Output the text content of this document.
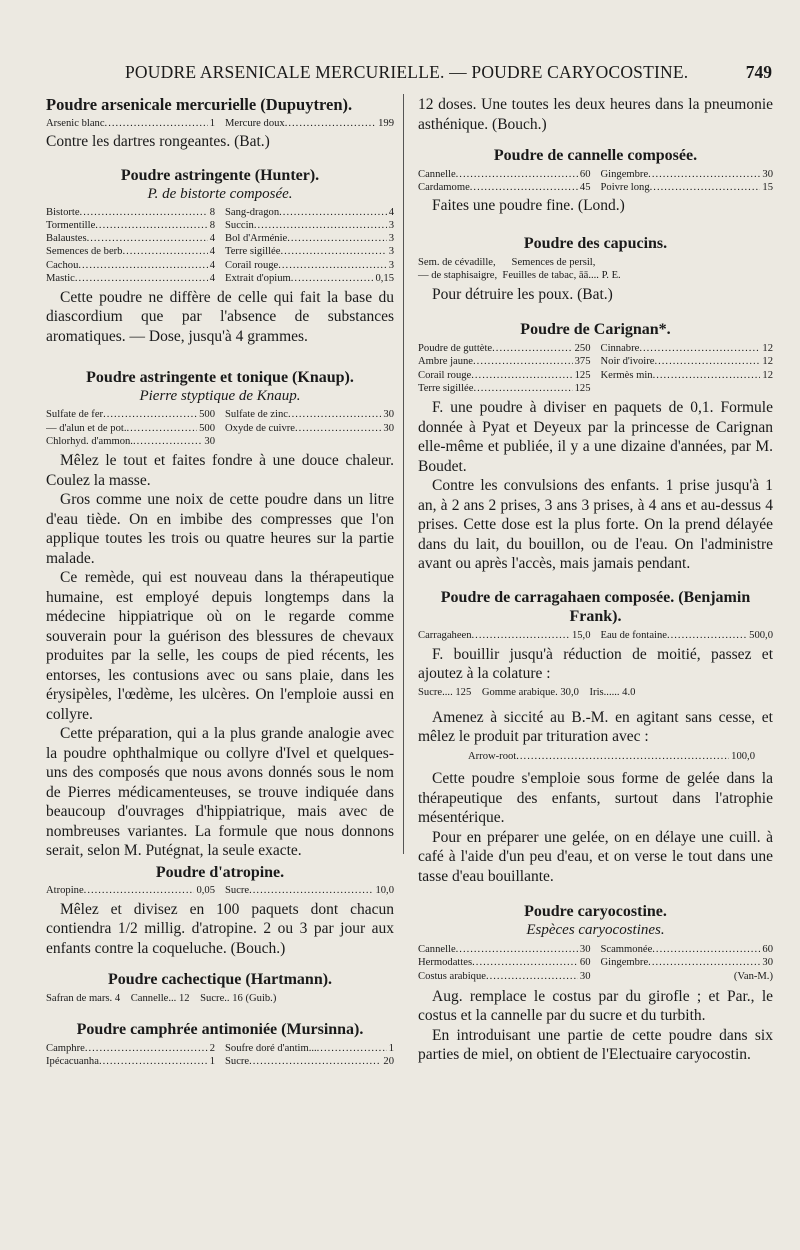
POUDRE ARSENICALE MERCURIELLE. — POUDRE CARYOCOSTINE.	749
Poudre arsenicale mercurielle (Dupuytren).
Arsenic blanc .....	1 Mercure doux .....	199

Contre les dartres rongeantes. (Bat.)

Poudre astringente (Hunter).
P. de bistorte composée.
Bistorte .....	8 Sang-dragon .....	4
Tormentille .....	8 Succin .....	3
Balaustes .....	4 Bol d'Arménie .....	3
Semences de berb .....	4 Terre sigillée .....	3
Cachou .....	4 Corail rouge .....	3
Mastic .....	4 Extrait d'opium .....	0,15

Cette poudre ne diffère de celle qui fait la base du diascordium que par l'absence de substances aromatiques. — Dose, jusqu'à 4 grammes.

Poudre astringente et tonique (Knaup).
Pierre styptique de Knaup.
Sulfate de fer .....	500 Sulfate de zinc .....	30
— d'alun et de pot. .....	500 Oxyde de cuivre .....	30
Chlorhyd. d'ammon. .....	30

Mêlez le tout et faites fondre à une douce chaleur. Coulez la masse.

Gros comme une noix de cette poudre dans un litre d'eau tiède. On en imbibe des compresses que l'on applique toutes les trois ou quatre heures sur la partie malade.

Ce remède, qui est nouveau dans la thérapeutique humaine, est employé depuis longtemps dans la médecine hippiatrique où on le regarde comme souverain pour la guérison des blessures de chevaux produites par la selle, les coups de pied récents, les entorses, les contusions avec ou sans plaie, dans les érysipèles, l'œdème, les ulcères. On l'emploie aussi en collyre.

Cette préparation, qui a la plus grande analogie avec la poudre ophthalmique ou collyre d'Ivel et quelques-uns des composés que nous avons donnés sous le nom de Pierres médicamenteuses, se trouve indiquée dans beaucoup d'ouvrages d'hippiatrique, mais avec de nombreuses variantes. La formule que nous donnons serait, selon M. Putégnat, la seule exacte.

Poudre d'atropine.
Atropine .....	0,05 Sucre .....	10,0

Mêlez et divisez en 100 paquets dont chacun contiendra 1/2 millig. d'atropine. 2 ou 3 par jour aux enfants contre la coqueluche. (Bouch.)

Poudre cachectique (Hartmann).
Safran de mars. 4    Cannelle... 12    Sucre.. 16 (Guib.)
Poudre camphrée antimoniée (Mursinna).
Camphre .....	2 Soufre doré d'antim... .....	1
Ipécacuanha .....	1 Sucre .....	20

12 doses. Une toutes les deux heures dans la pneumonie asthénique. (Bouch.)

Poudre de cannelle composée.
Cannelle .....	60 Gingembre .....	30
Cardamome .....	45 Poivre long .....	15

Faites une poudre fine. (Lond.)

Poudre des capucins.
Sem. de cévadille,      Semences de persil,
— de staphisaigre,  Feuilles de tabac, āā.... P. E.

Pour détruire les poux. (Bat.)

Poudre de Carignan*.
Poudre de guttète .....	250 Cinnabre .....	12
Ambre jaune .....	375 Noir d'ivoire .....	12
Corail rouge .....	125 Kermès min .....	12
Terre sigillée .....	125

F. une poudre à diviser en paquets de 0,1. Formule donnée à Pyat et Deyeux par la princesse de Carignan elle-même et publiée, il y a une dizaine d'années, par M. Boudet.

Contre les convulsions des enfants. 1 prise jusqu'à 1 an, à 2 ans 2 prises, 3 ans 3 prises, à 4 ans et au-dessus 4 prises. Cette dose est la plus forte. On la prend délayée dans du lait, du bouillon, ou de l'eau. On l'administre avant ou après l'accès, mais jamais pendant.

Poudre de carragahaen composée. (Benjamin Frank).
Carragaheen .....	15,0 Eau de fontaine .....	500,0

F. bouillir jusqu'à réduction de moitié, passez et ajoutez à la colature :

Sucre.... 125    Gomme arabique. 30,0    Iris...... 4.0

Amenez à siccité au B.-M. en agitant sans cesse, et mêlez le produit par trituration avec :

Arrow-root .....	100,0

Cette poudre s'emploie sous forme de gelée dans la thérapeutique des enfants, surtout dans l'atrophie mésentérique.

Pour en préparer une gelée, on en délaye une cuill. à café à l'aide d'un peu d'eau, et on verse le tout dans une tasse d'eau bouillante.

Poudre caryocostine.
Espèces caryocostines.
Cannelle .....	30 Scammonée .....	60
Hermodattes .....	60 Gingembre .....	30
Costus arabique .....	30	(Van-M.)

Aug. remplace le costus par du girofle ; et Par., le costus et la cannelle par du sucre et du turbith.

En introduisant une partie de cette poudre dans six parties de miel, on obtient de l'Electuaire caryocostin.
